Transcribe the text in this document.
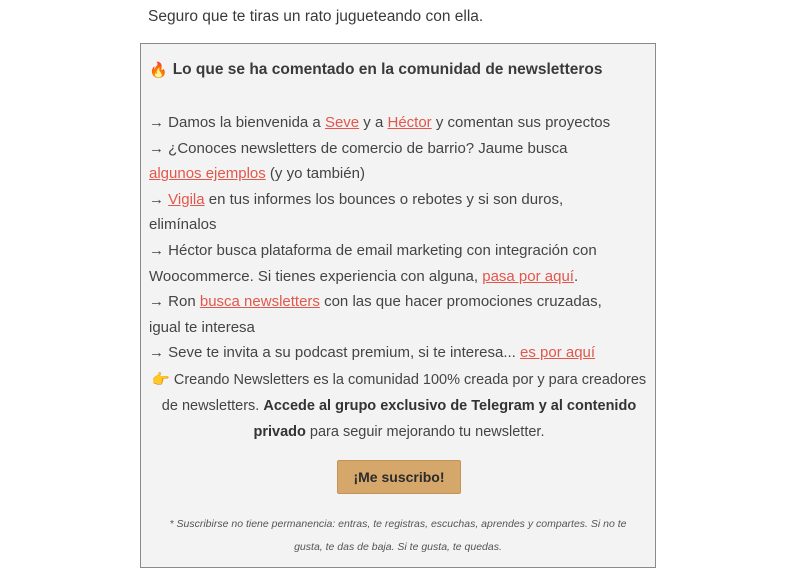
Seguro que te tiras un rato jugueteando con ella.
🔥 Lo que se ha comentado en la comunidad de newsletteros

→ Damos la bienvenida a Seve y a Héctor y comentan sus proyectos

→ ¿Conoces newsletters de comercio de barrio? Jaume busca algunos ejemplos (y yo también)

→ Vigila en tus informes los bounces o rebotes y si son duros, elimínalos

→ Héctor busca plataforma de email marketing con integración con Woocommerce. Si tienes experiencia con alguna, pasa por aquí.

→ Ron busca newsletters con las que hacer promociones cruzadas, igual te interesa

→ Seve te invita a su podcast premium, si te interesa... es por aquí

👉 Creando Newsletters es la comunidad 100% creada por y para creadores de newsletters. Accede al grupo exclusivo de Telegram y al contenido privado para seguir mejorando tu newsletter.
¡Me suscribo!
* Suscribirse no tiene permanencia: entras, te registras, escuchas, aprendes y compartes. Si no te gusta, te das de baja. Si te gusta, te quedas.
